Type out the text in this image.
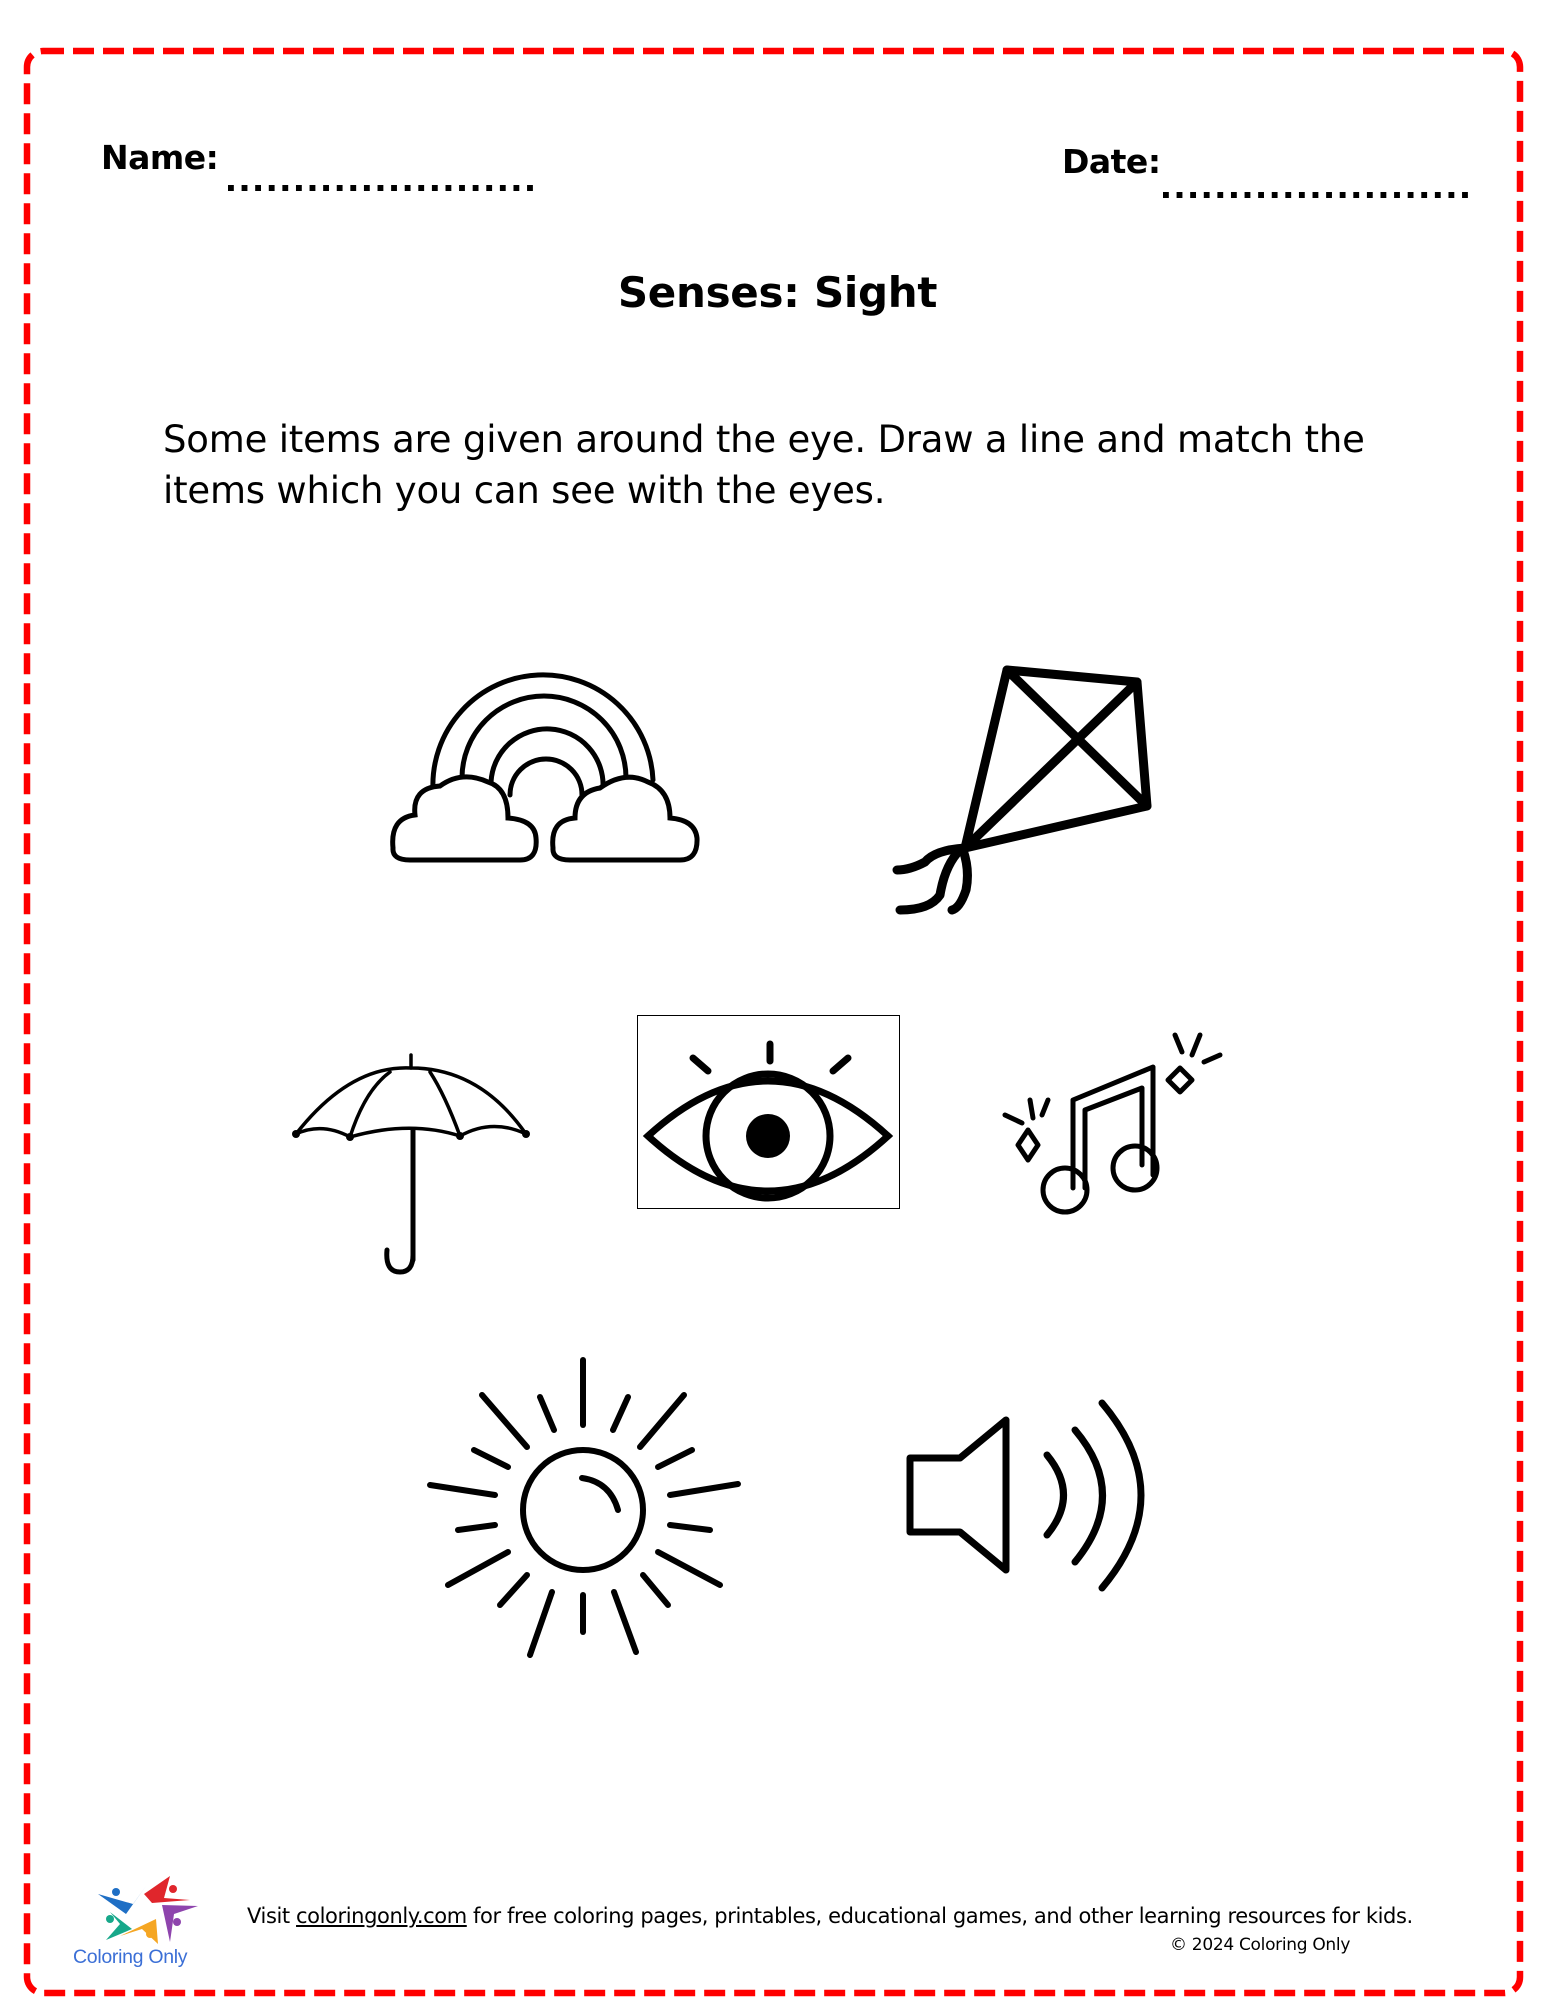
Name:	Date:
Senses: Sight
Some items are given around the eye. Draw a line and match the items which you can see with the eyes.
Coloring Only
Visit coloringonly.com for free coloring pages, printables, educational games, and other learning resources for kids.
© 2024 Coloring Only
